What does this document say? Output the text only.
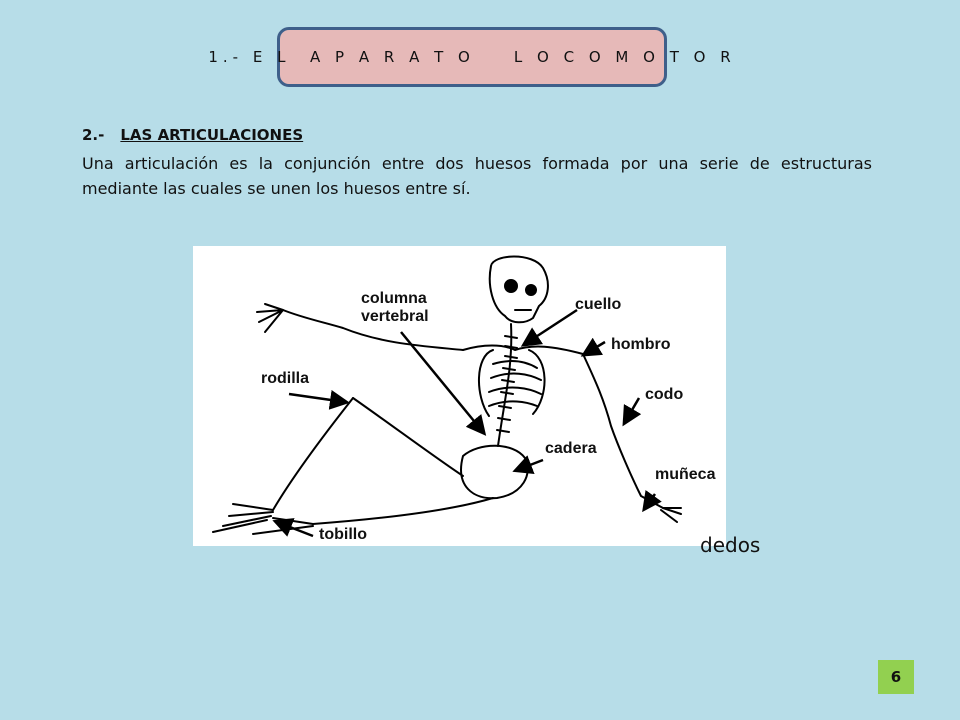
1.- E L  A P A R A T O    L O C O M O T O R
2.- LAS ARTICULACIONES
Una articulación es la conjunción entre dos huesos formada por una serie de estructuras mediante las cuales se unen los huesos entre sí.
columna
vertebral
cuello
hombro
rodilla
codo
cadera
muñeca
tobillo	dedos
6
